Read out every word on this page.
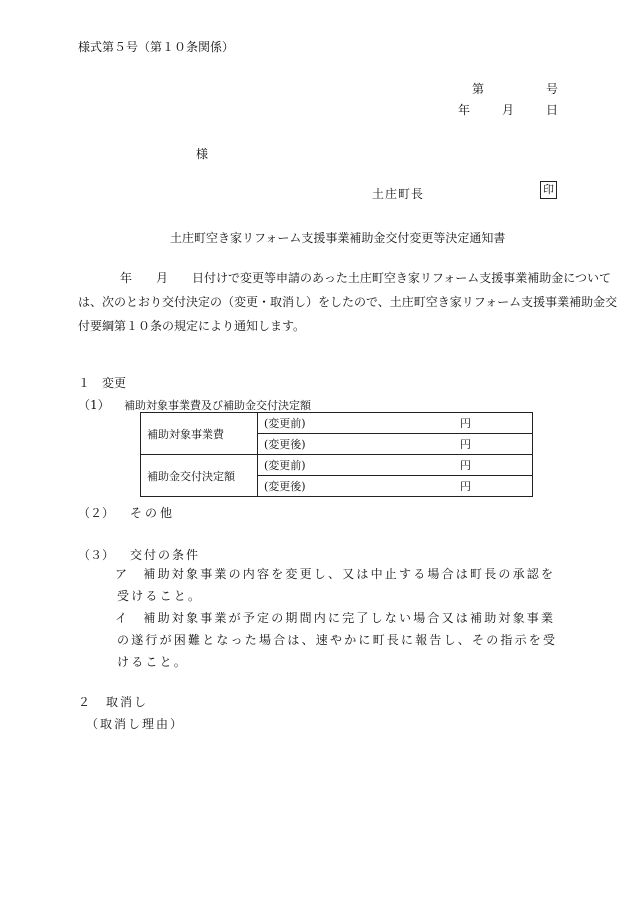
様式第５号（第１０条関係）
第	号
年	月	日
様
土庄町長	印
土庄町空き家リフォーム支援事業補助金交付変更等決定通知書
年　　月　　日付けで変更等申請のあった土庄町空き家リフォーム支援事業補助金について
は、次のとおり交付決定の（変更・取消し）をしたので、土庄町空き家リフォーム支援事業補助金交
付要綱第１０条の規定により通知します。
１　変更
（1） 補助対象事業費及び補助金交付決定額
補助対象事業費	(変更前)	円
	(変更後)	円
補助金交付決定額	(変更前)	円
	(変更後)	円
（２） その他
（３） 交付の条件
ア　補助対象事業の内容を変更し、又は中止する場合は町長の承認を
受けること。
イ　補助対象事業が予定の期間内に完了しない場合又は補助対象事業
の遂行が困難となった場合は、速やかに町長に報告し、その指示を受
けること。
２　取消し
（取消し理由）
